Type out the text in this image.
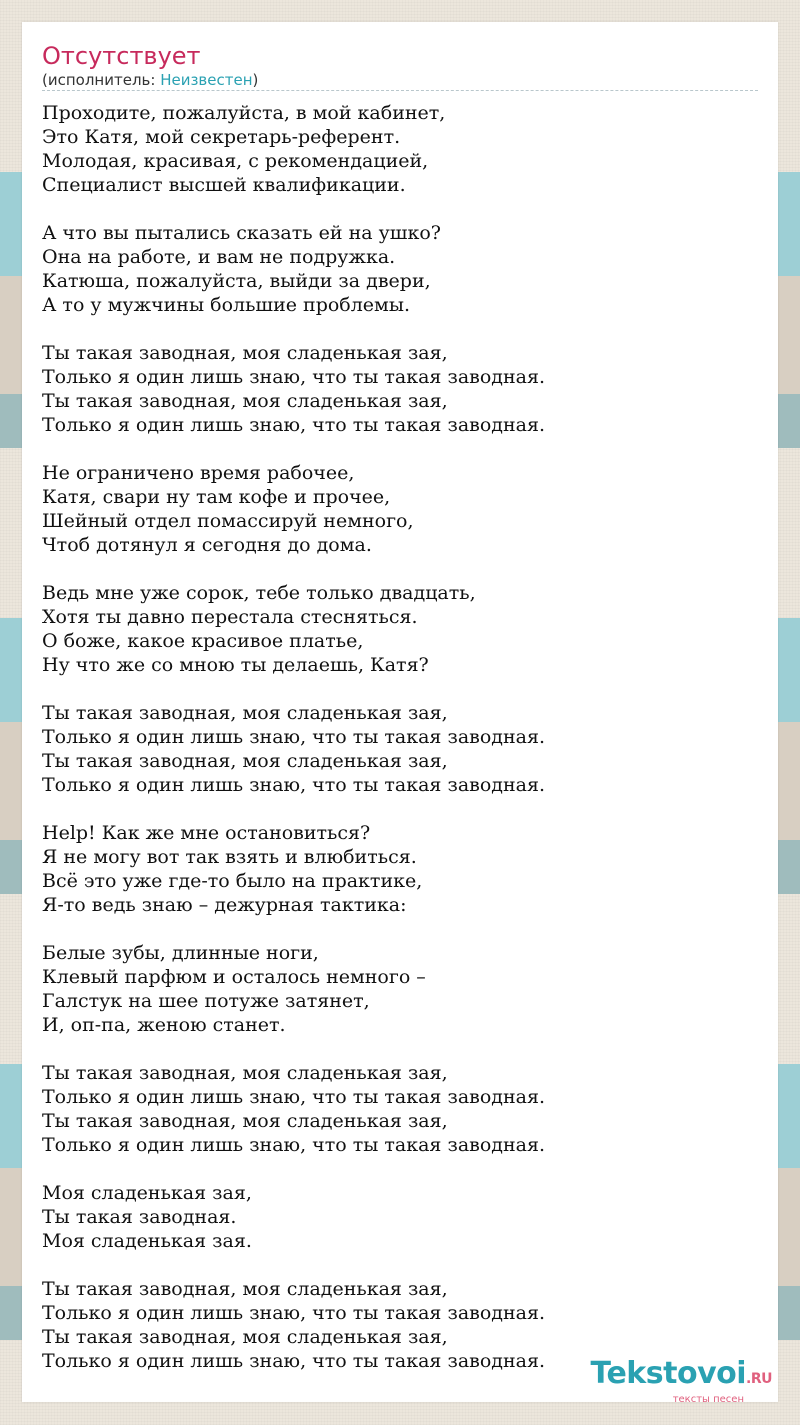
Отсутствует
(исполнитель: Неизвестен)
Проходите, пожалуйста, в мой кабинет,
Это Катя, мой секретарь-референт.
Молодая, красивая, с рекомендацией,
Специалист высшей квалификации.
А что вы пытались сказать ей на ушко?
Она на работе, и вам не подружка.
Катюша, пожалуйста, выйди за двери,
А то у мужчины большие проблемы.
Ты такая заводная, моя сладенькая зая,
Только я один лишь знаю, что ты такая заводная.
Ты такая заводная, моя сладенькая зая,
Только я один лишь знаю, что ты такая заводная.
Не ограничено время рабочее,
Катя, свари ну там кофе и прочее,
Шейный отдел помассируй немного,
Чтоб дотянул я сегодня до дома.
Ведь мне уже сорок, тебе только двадцать,
Хотя ты давно перестала стесняться.
О боже, какое красивое платье,
Ну что же со мною ты делаешь, Катя?
Ты такая заводная, моя сладенькая зая,
Только я один лишь знаю, что ты такая заводная.
Ты такая заводная, моя сладенькая зая,
Только я один лишь знаю, что ты такая заводная.
Help! Как же мне остановиться?
Я не могу вот так взять и влюбиться.
Всё это уже где-то было на практике,
Я-то ведь знаю – дежурная тактика:
Белые зубы, длинные ноги,
Клевый парфюм и осталось немного –
Галстук на шее потуже затянет,
И, оп-па, женою станет.
Ты такая заводная, моя сладенькая зая,
Только я один лишь знаю, что ты такая заводная.
Ты такая заводная, моя сладенькая зая,
Только я один лишь знаю, что ты такая заводная.
Моя сладенькая зая,
Ты такая заводная.
Моя сладенькая зая.
Ты такая заводная, моя сладенькая зая,
Только я один лишь знаю, что ты такая заводная.
Ты такая заводная, моя сладенькая зая,
Только я один лишь знаю, что ты такая заводная.	Tekstovoi.RU
тексты песен
